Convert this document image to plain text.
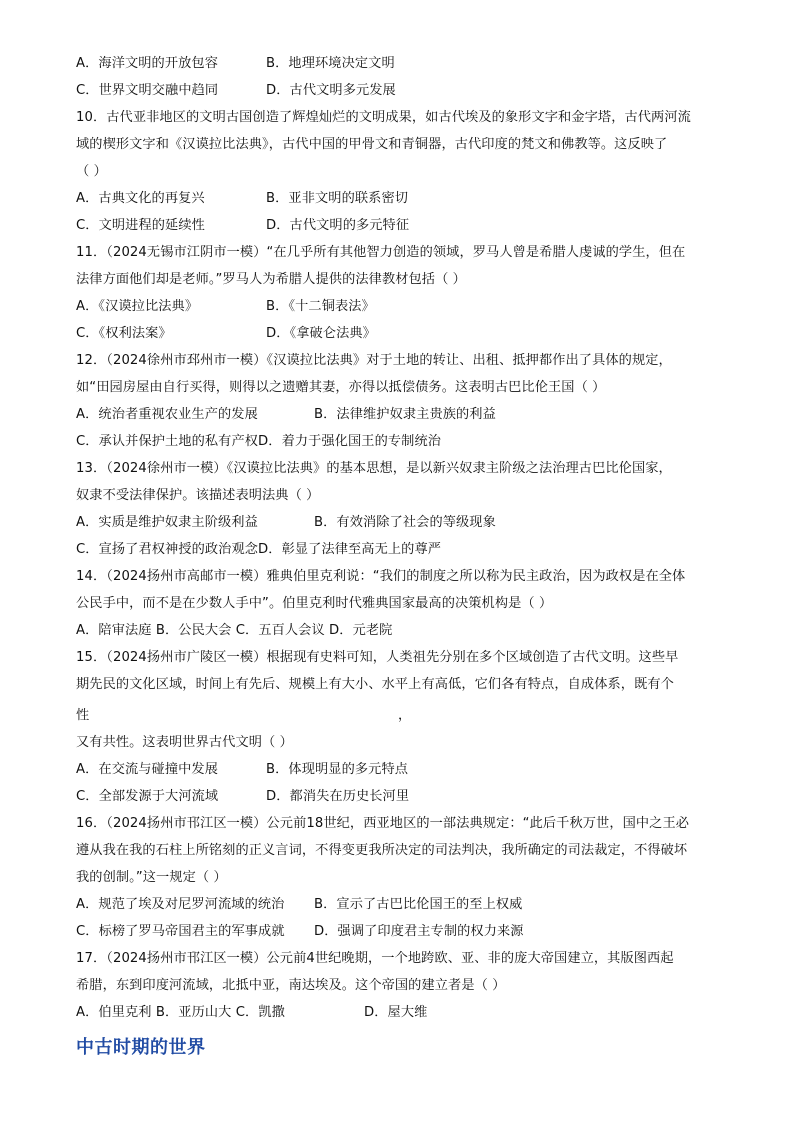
A．海洋文明的开放包容	B．地理环境决定文明
C．世界文明交融中趋同	D．古代文明多元发展
10．古代亚非地区的文明古国创造了辉煌灿烂的文明成果，如古代埃及的象形文字和金字塔，古代两河流
域的楔形文字和《汉谟拉比法典》，古代中国的甲骨文和青铜器，古代印度的梵文和佛教等。这反映了
（ ）
A．古典文化的再复兴	B．亚非文明的联系密切
C．文明进程的延续性	D．古代文明的多元特征
11．（2024无锡市江阴市一模）“在几乎所有其他智力创造的领域，罗马人曾是希腊人虔诚的学生，但在
法律方面他们却是老师。”罗马人为希腊人提供的法律教材包括（ ）
A．《汉谟拉比法典》	B．《十二铜表法》
C．《权利法案》	D．《拿破仑法典》
12．（2024徐州市邳州市一模）《汉谟拉比法典》对于土地的转让、出租、抵押都作出了具体的规定，
如“田园房屋由自行买得，则得以之遗赠其妻，亦得以抵偿债务。这表明古巴比伦王国（ ）
A．统治者重视农业生产的发展	B．法律维护奴隶主贵族的利益
C．承认并保护土地的私有产权D．着力于强化国王的专制统治
13．（2024徐州市一模）《汉谟拉比法典》的基本思想，是以新兴奴隶主阶级之法治理古巴比伦国家，
奴隶不受法律保护。该描述表明法典（ ）
A．实质是维护奴隶主阶级利益	B．有效消除了社会的等级现象
C．宣扬了君权神授的政治观念D．彰显了法律至高无上的尊严
14．（2024扬州市高邮市一模）雅典伯里克利说：“我们的制度之所以称为民主政治，因为政权是在全体
公民手中，而不是在少数人手中”。伯里克利时代雅典国家最高的决策机构是（ ）
A．陪审法庭 B．公民大会 C．五百人会议 D．元老院
15．（2024扬州市广陵区一模）根据现有史料可知，人类祖先分别在多个区域创造了古代文明。这些早
期先民的文化区域，时间上有先后、规模上有大小、水平上有高低，它们各有特点，自成体系，既有个
性	，
又有共性。这表明世界古代文明（ ）
A．在交流与碰撞中发展	B．体现明显的多元特点
C．全部发源于大河流域	D．都消失在历史长河里
16．（2024扬州市邗江区一模）公元前18世纪，西亚地区的一部法典规定：“此后千秋万世，国中之王必
遵从我在我的石柱上所铭刻的正义言词，不得变更我所决定的司法判决，我所确定的司法裁定，不得破坏
我的创制。”这一规定（ ）
A．规范了埃及对尼罗河流域的统治 B．宣示了古巴比伦国王的至上权威
C．标榜了罗马帝国君主的军事成就 D．强调了印度君主专制的权力来源
17．（2024扬州市邗江区一模）公元前4世纪晚期，一个地跨欧、亚、非的庞大帝国建立，其版图西起
希腊，东到印度河流域，北抵中亚，南达埃及。这个帝国的建立者是（ ）
A．伯里克利 B．亚历山大 C．凯撒	D．屋大维
中古时期的世界
